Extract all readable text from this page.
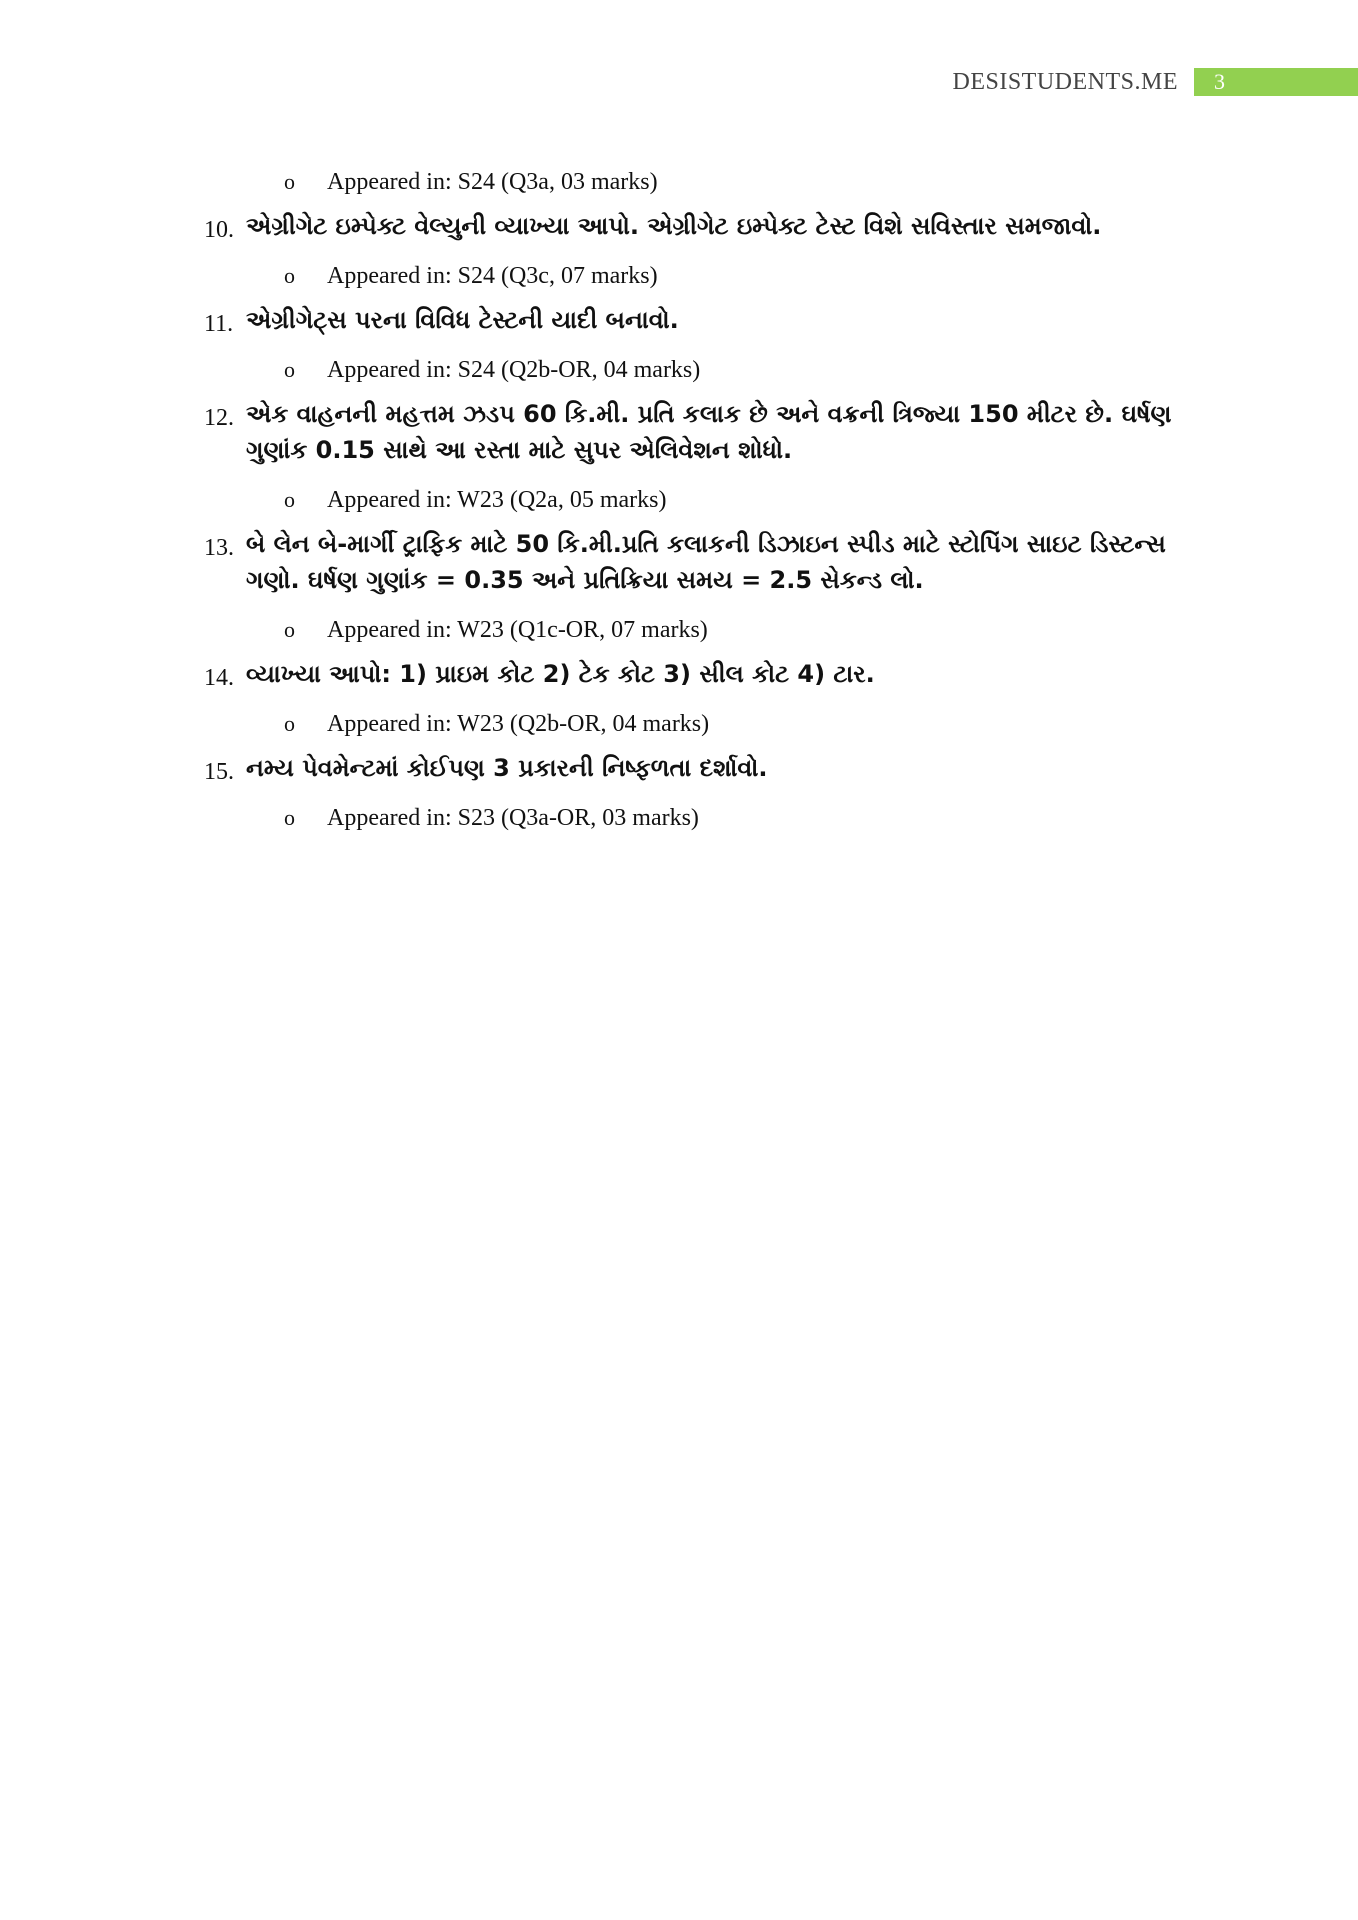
DESISTUDENTS.ME	3
o Appeared in: S24 (Q3a, 03 marks)
10. એગ્રીગેટ ઇમ્પેક્ટ વેલ્યુની વ્યાખ્યા આપો. એગ્રીગેટ ઇમ્પેક્ટ ટેસ્ટ વિશે સવિસ્તાર સમજાવો.
o Appeared in: S24 (Q3c, 07 marks)
11. એગ્રીગેટ્સ પરના વિવિધ ટેસ્ટની યાદી બનાવો.
o Appeared in: S24 (Q2b-OR, 04 marks)
12. એક વાહનની મહત્તમ ઝડપ 60 કિ.મી. પ્રતિ કલાક છે અને વક્રની ત્રિજ્યા 150 મીટર છે. ઘર્ષણ ગુણાંક 0.15 સાથે આ રસ્તા માટે સુપર એલિવેશન શોધો.
o Appeared in: W23 (Q2a, 05 marks)
13. બે લેન બે-માર્ગી ટ્રાફિક માટે 50 કિ.મી.પ્રતિ કલાકની ડિઝાઇન સ્પીડ માટે સ્ટોપિંગ સાઇટ ડિસ્ટન્સ ગણો. ઘર્ષણ ગુણાંક = 0.35 અને પ્રતિક્રિયા સમય = 2.5 સેકન્ડ લો.
o Appeared in: W23 (Q1c-OR, 07 marks)
14. વ્યાખ્યા આપો: 1) પ્રાઇમ કોટ 2) ટેક કોટ 3) સીલ કોટ 4) ટાર.
o Appeared in: W23 (Q2b-OR, 04 marks)
15. નમ્ય પેવમેન્ટમાં કોઈપણ 3 પ્રકારની નિષ્ફળતા દર્શાવો.
o Appeared in: S23 (Q3a-OR, 03 marks)
